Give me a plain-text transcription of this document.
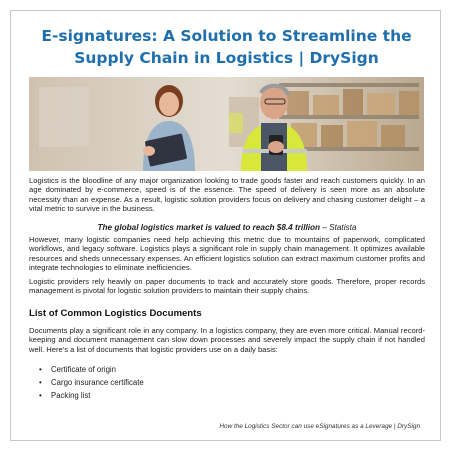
E-signatures: A Solution to Streamline the
Supply Chain in Logistics | DrySign
Logistics is the bloodline of any major organization looking to trade goods faster and reach customers quickly. In an age dominated by e-commerce, speed is of the essence. The speed of delivery is seen more as an absolute necessity than an expense. As a result, logistic solution providers focus on delivery and chasing customer delight – a vital metric to survive in the business.
The global logistics market is valued to reach $8.4 trillion – Statista
However, many logistic companies need help achieving this metric due to mountains of paperwork, complicated workflows, and legacy software. Logistics plays a significant role in supply chain management. It optimizes available resources and sheds unnecessary expenses. An efficient logistics solution can extract maximum customer profits and integrate technologies to eliminate inefficiencies.
Logistic providers rely heavily on paper documents to track and accurately store goods. Therefore, proper records management is pivotal for logistic solution providers to maintain their supply chains.
List of Common Logistics Documents
Documents play a significant role in any company. In a logistics company, they are even more critical. Manual record-keeping and document management can slow down processes and severely impact the supply chain if not handled well. Here's a list of documents that logistic providers use on a daily basis:
• Certificate of origin
• Cargo insurance certificate
• Packing list
How the Logistics Sector can use eSignatures as a Leverage | DrySign
